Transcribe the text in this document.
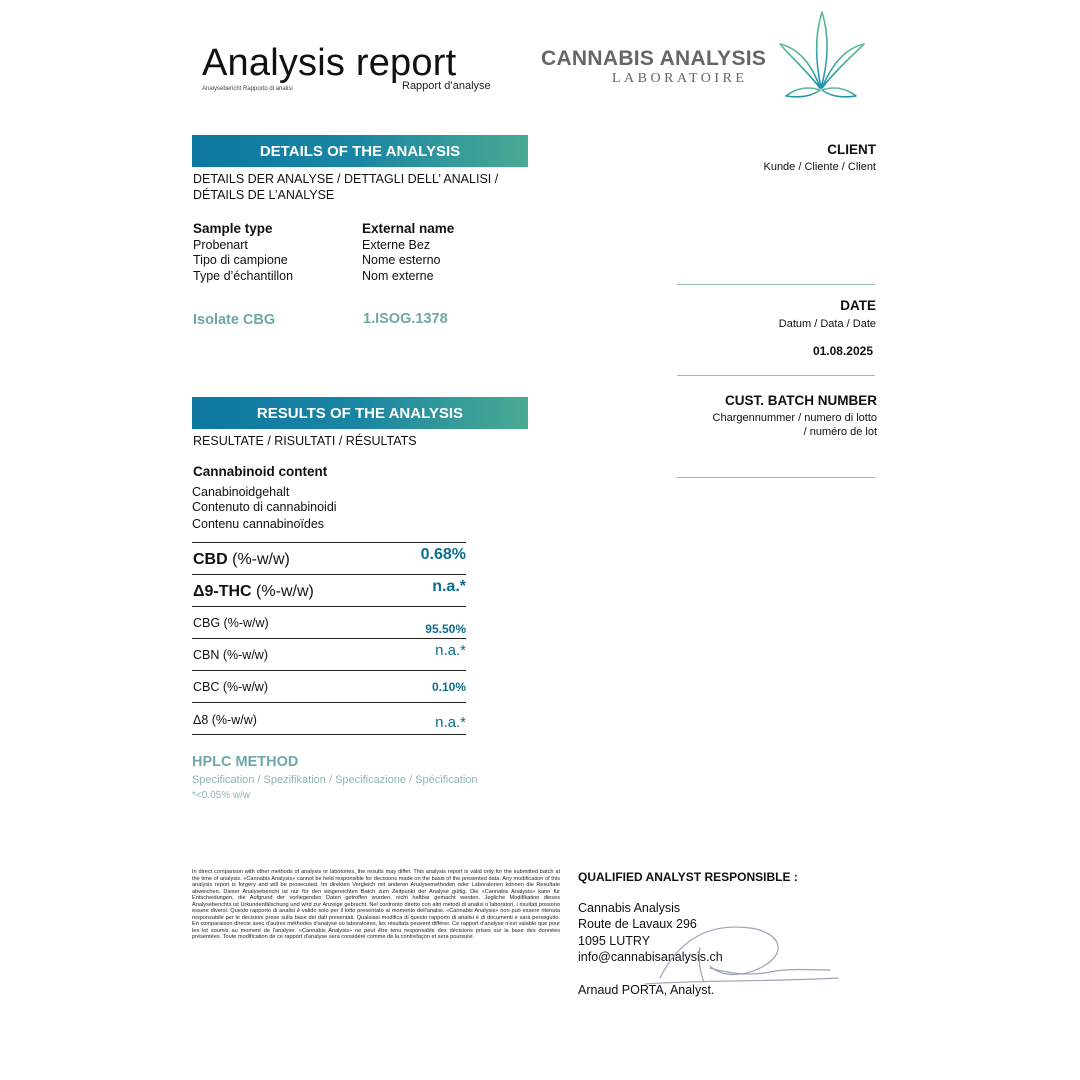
Analysis report
Analysebericht Rapporto di analisi	Rapport d’analyse
CANNABIS ANALYSIS
LABORATOIRE
DETAILS OF THE ANALYSIS
DETAILS DER ANALYSE / DETTAGLI DELL’ ANALISI /
DÉTAILS DE L’ANALYSE
Sample type
Probenart
Tipo di campione
Type d’échantillon
External name
Externe Bez
Nome esterno
Nom externe
Isolate CBG	1.ISOG.1378
CLIENT
Kunde / Cliente / Client
DATE
Datum / Data / Date
01.08.2025
CUST. BATCH NUMBER
Chargennummer / numero di lotto
/ numéro de lot
RESULTS OF THE ANALYSIS
RESULTATE / RISULTATI / RÉSULTATS
Cannabinoid content
Canabinoidgehalt
Contenuto di cannabinoidi
Contenu cannabinoïdes
CBD (%-w/w)	0.68%
Δ9-THC (%-w/w)	n.a.*
CBG (%-w/w)	95.50%
CBN (%-w/w)	n.a.*
CBC (%-w/w)	0.10%
Δ8 (%-w/w)	n.a.*
HPLC METHOD
Specification / Spezifikation / Specificazione / Spécification
*<0.05% w/w
In direct comparison with other methods of analysis or labotories, the results may differ. This analysis report is valid only for the submitted batch at the time of analysis. «Cannabis Analysis» cannot be held responsible for decisions made on the basis of the presented data. Any modification of this analysis report is forgery and will be prosecuted. Im direkten Vergleich mit anderen Analysemethoden oder Laboratorien können die Resultate abweichen. Dieser Analysebericht ist nur für den eingereichten Batch zum Zeitpunkt der Analyse gültig. Die «Cannabis Analysis» kann für Entscheidungen, die Aufgrund der vorliegenden Daten getroffen wurden, nicht haftbar gemacht werden. Jegliche Modifikation dieses Analyseberichts ist Urkundenfälschung und wird zur Anzeige gebracht. Nel confronto diretto con altri metodi di analisi o laboratori, i risultati possono essere diversi. Questo rapporto di analisi è valido solo per il lotto presentato al momento dell'analisi. «Cannabis Analysis» non può essere ritenuta responsabile per le decisioni prese sulla base dei dati presentati. Qualsiasi modifica di questo rapporto di analisi è di documenti e sarà perseguito. En comparaison directe avec d'autres méthodes d'analyse ou laboratoires, les résultats peuvent différer. Ce rapport d'analyse n'est valable que pour les lot soumis au moment de l'analyse. «Cannabis Analysis» ne peut être tenu responsable des décisions prises sur la base des données présentées. Toute modification de ce rapport d'analyse sera considéré comme de la contrefaçon et sera poursuivi.
QUALIFIED ANALYST RESPONSIBLE :
Cannabis Analysis
Route de Lavaux 296
1095 LUTRY
info@cannabisanalysis.ch
Arnaud PORTA, Analyst.
